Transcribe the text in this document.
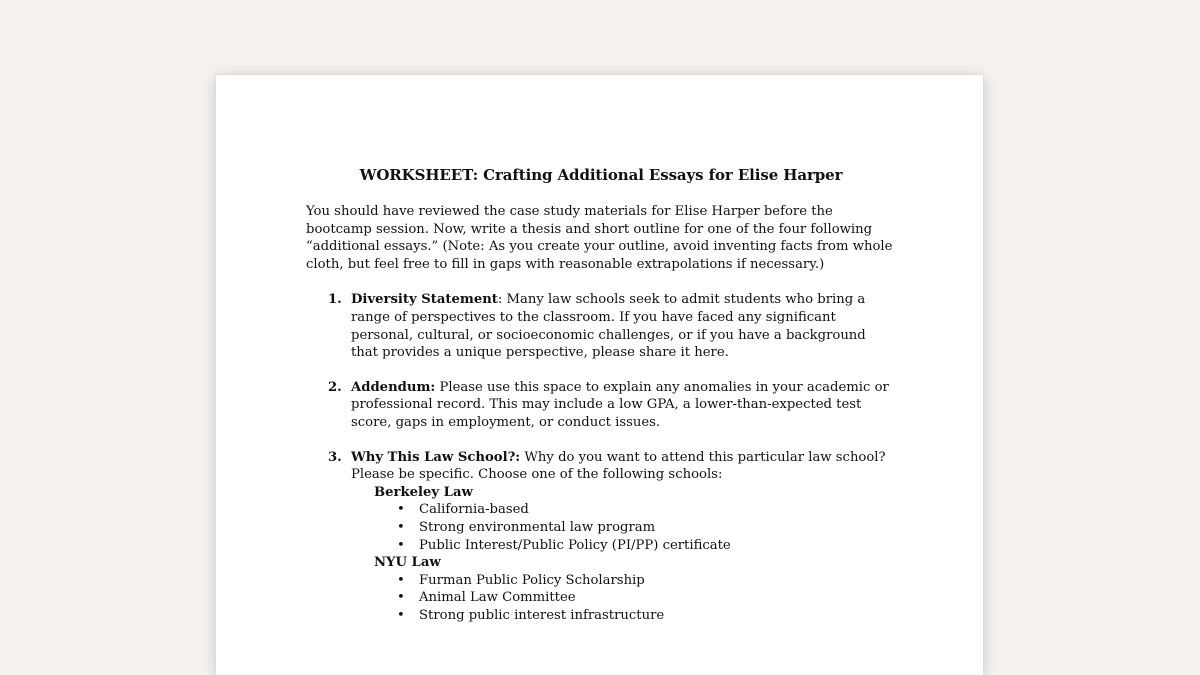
WORKSHEET: Crafting Additional Essays for Elise Harper
You should have reviewed the case study materials for Elise Harper before the bootcamp session. Now, write a thesis and short outline for one of the four following “additional essays.” (Note: As you create your outline, avoid inventing facts from whole cloth, but feel free to fill in gaps with reasonable extrapolations if necessary.)
1. Diversity Statement: Many law schools seek to admit students who bring a range of perspectives to the classroom. If you have faced any significant personal, cultural, or socioeconomic challenges, or if you have a background that provides a unique perspective, please share it here.
2. Addendum: Please use this space to explain any anomalies in your academic or professional record. This may include a low GPA, a lower-than-expected test score, gaps in employment, or conduct issues.
3. Why This Law School?: Why do you want to attend this particular law school? Please be specific. Choose one of the following schools:
Berkeley Law
• California-based
• Strong environmental law program
• Public Interest/Public Policy (PI/PP) certificate
NYU Law
• Furman Public Policy Scholarship
• Animal Law Committee
• Strong public interest infrastructure
